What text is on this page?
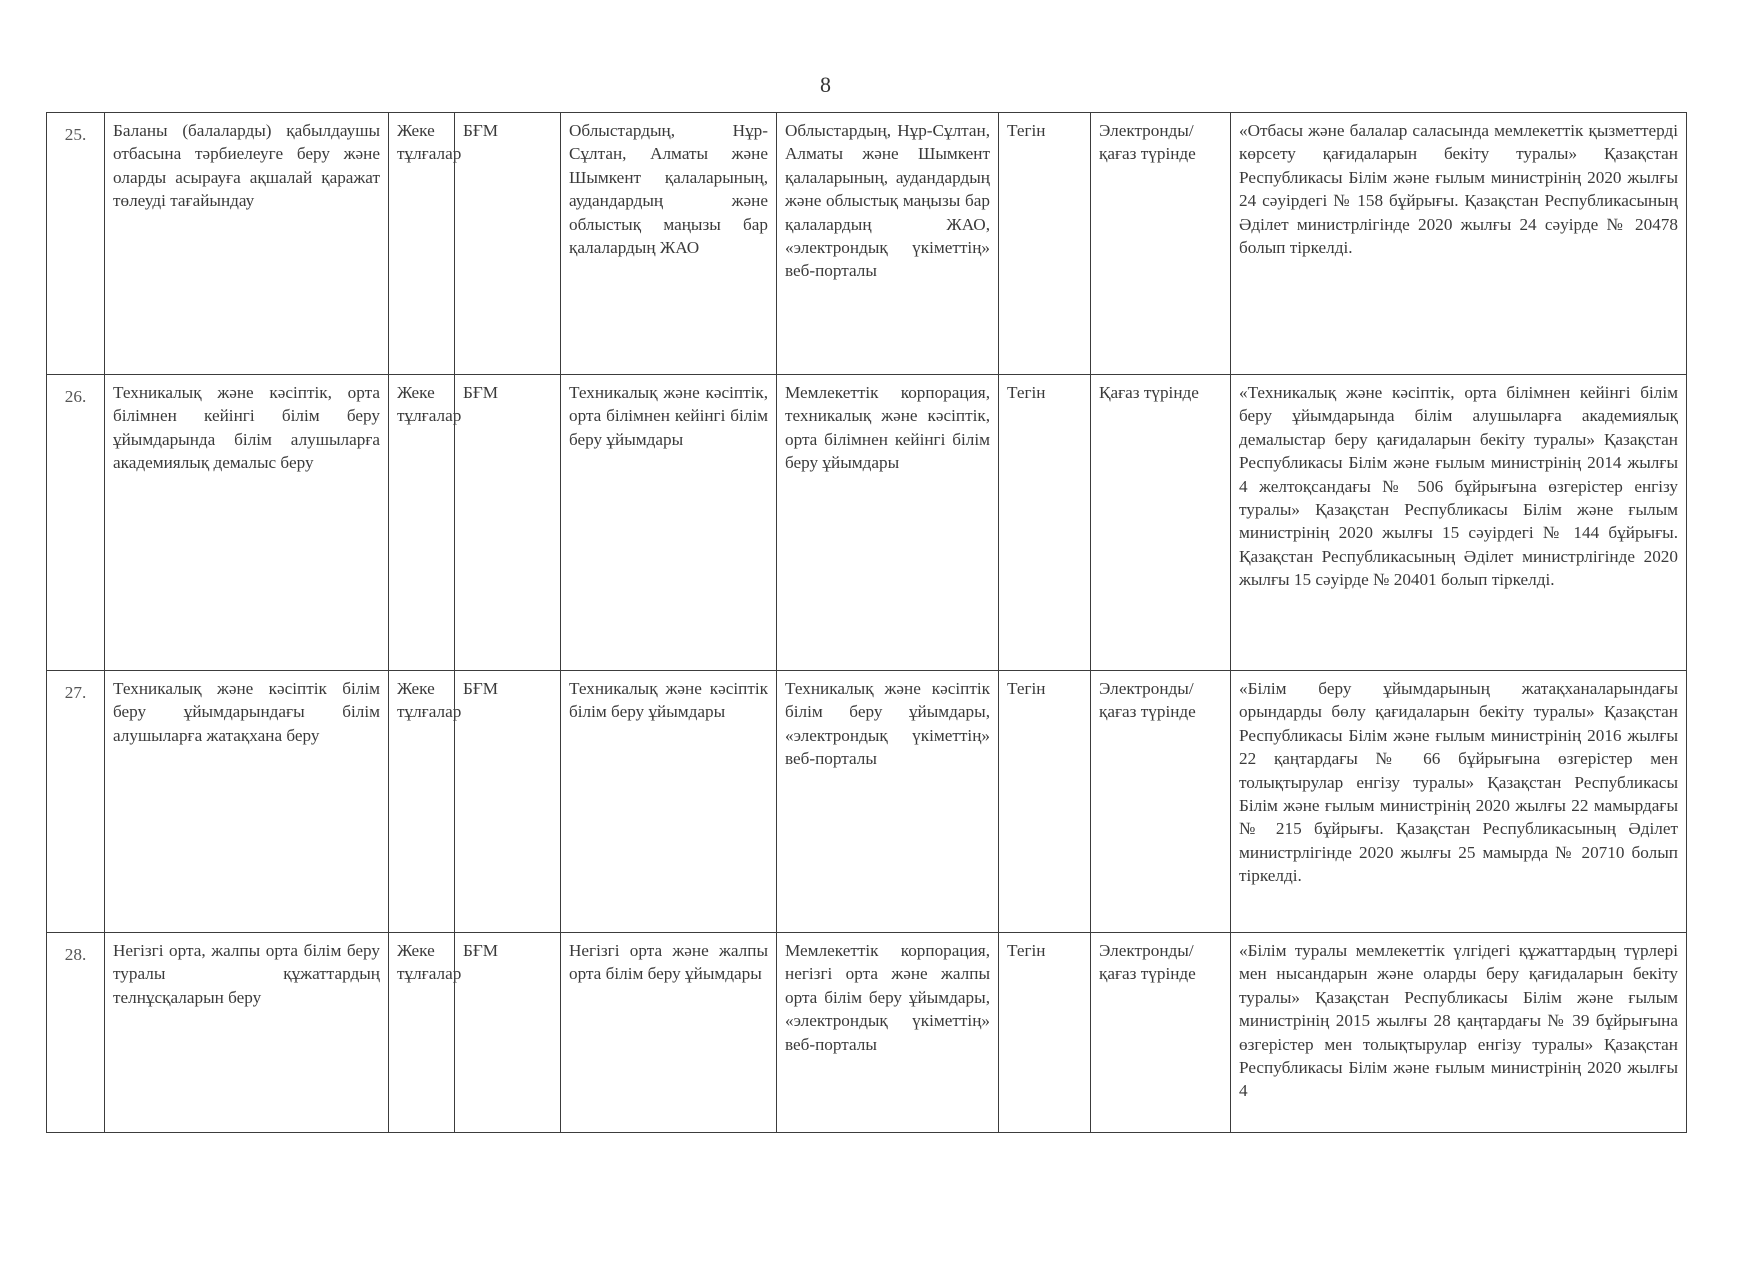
8
25.	Баланы (балаларды) қабылдаушы отбасына тәрбиелеуге беру және оларды асырауға ақшалай қаражат төлеуді тағайындау	Жеке тұлғалар	БҒМ	Облыстардың, Нұр-Сұлтан, Алматы және Шымкент қалаларының, аудандардың және облыстық маңызы бар қалалардың ЖАО	Облыстардың, Нұр-Сұлтан, Алматы және Шымкент қалаларының, аудандардың және облыстық маңызы бар қалалардың ЖАО, «электрондық үкіметтің» веб-порталы	Тегін	Электронды/ қағаз түрінде	«Отбасы және балалар саласында мемлекеттік қызметтерді көрсету қағидаларын бекіту туралы» Қазақстан Республикасы Білім және ғылым министрінің 2020 жылғы 24 сәуірдегі № 158 бұйрығы. Қазақстан Республикасының Әділет министрлігінде 2020 жылғы 24 сәуірде № 20478 болып тіркелді.
26.	Техникалық және кәсіптік, орта білімнен кейінгі білім беру ұйымдарында білім алушыларға академиялық демалыс беру	Жеке тұлғалар	БҒМ	Техникалық және кәсіптік, орта білімнен кейінгі білім беру ұйымдары	Мемлекеттік корпорация, техникалық және кәсіптік, орта білімнен кейінгі білім беру ұйымдары	Тегін	Қағаз түрінде	«Техникалық және кәсіптік, орта білімнен кейінгі білім беру ұйымдарында білім алушыларға академиялық демалыстар беру қағидаларын бекіту туралы» Қазақстан Республикасы Білім және ғылым министрінің 2014 жылғы 4 желтоқсандағы № 506 бұйрығына өзгерістер енгізу туралы» Қазақстан Республикасы Білім және ғылым министрінің 2020 жылғы 15 сәуірдегі № 144 бұйрығы. Қазақстан Республикасының Әділет министрлігінде 2020 жылғы 15 сәуірде № 20401 болып тіркелді.
27.	Техникалық және кәсіптік білім беру ұйымдарындағы білім алушыларға жатақхана беру	Жеке тұлғалар	БҒМ	Техникалық және кәсіптік білім беру ұйымдары	Техникалық және кәсіптік білім беру ұйымдары, «электрондық үкіметтің» веб-порталы	Тегін	Электронды/ қағаз түрінде	«Білім беру ұйымдарының жатақханаларындағы орындарды бөлу қағидаларын бекіту туралы» Қазақстан Республикасы Білім және ғылым министрінің 2016 жылғы 22 қаңтардағы № 66 бұйрығына өзгерістер мен толықтырулар енгізу туралы» Қазақстан Республикасы Білім және ғылым министрінің 2020 жылғы 22 мамырдағы № 215 бұйрығы. Қазақстан Республикасының Әділет министрлігінде 2020 жылғы 25 мамырда № 20710 болып тіркелді.
28.	Негізгі орта, жалпы орта білім беру туралы құжаттардың телнұсқаларын беру	Жеке тұлғалар	БҒМ	Негізгі орта және жалпы орта білім беру ұйымдары	Мемлекеттік корпорация, негізгі орта және жалпы орта білім беру ұйымдары, «электрондық үкіметтің» веб-порталы	Тегін	Электронды/ қағаз түрінде	«Білім туралы мемлекеттік үлгідегі құжаттардың түрлері мен нысандарын және оларды беру қағидаларын бекіту туралы» Қазақстан Республикасы Білім және ғылым министрінің 2015 жылғы 28 қаңтардағы № 39 бұйрығына өзгерістер мен толықтырулар енгізу туралы» Қазақстан Республикасы Білім және ғылым министрінің 2020 жылғы 4
